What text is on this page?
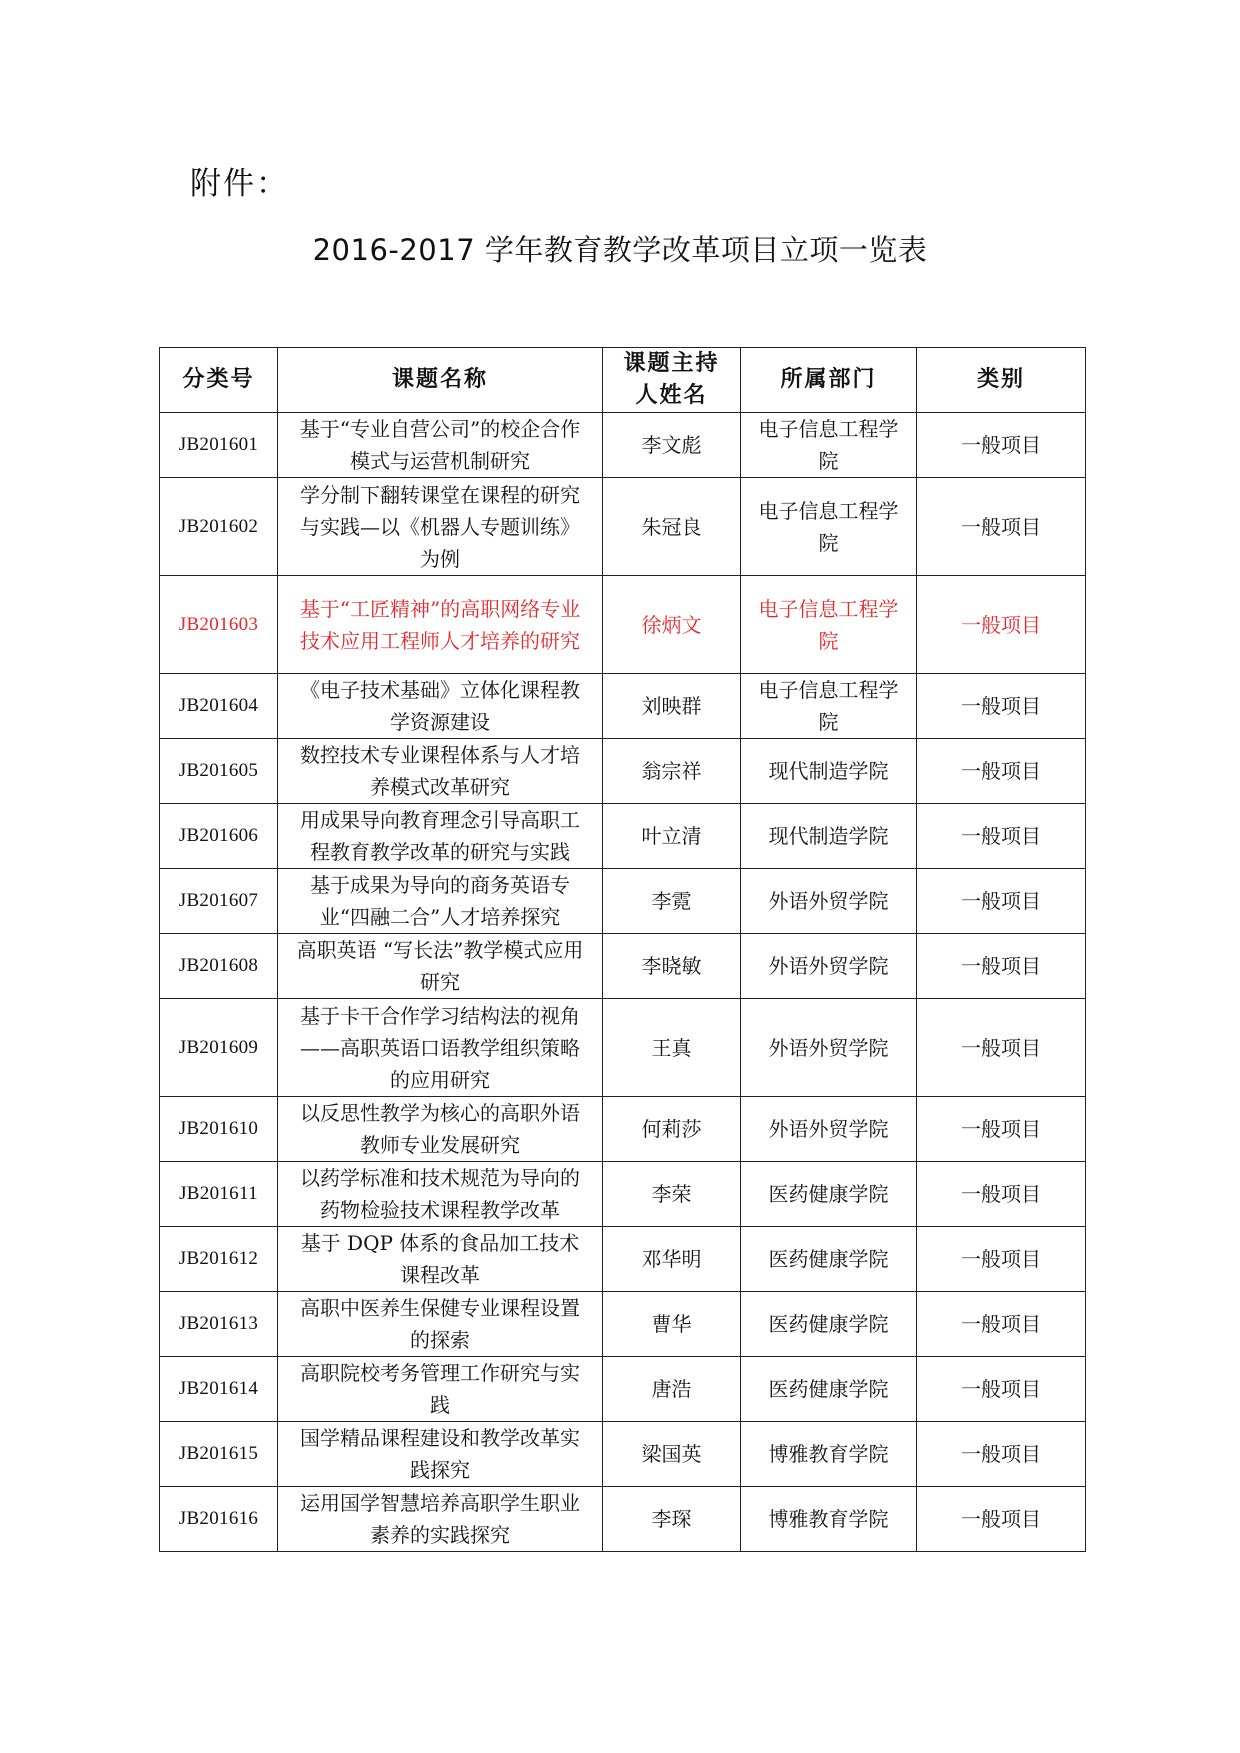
附件：
2016-2017 学年教育教学改革项目立项一览表
分类号	课题名称	课题主持人姓名	所属部门	类别
JB201601	基于“专业自营公司”的校企合作模式与运营机制研究	李文彪	电子信息工程学院	一般项目
JB201602	学分制下翻转课堂在课程的研究与实践—以《机器人专题训练》为例	朱冠良	电子信息工程学院	一般项目
JB201603	基于“工匠精神”的高职网络专业技术应用工程师人才培养的研究	徐炳文	电子信息工程学院	一般项目
JB201604	《电子技术基础》立体化课程教学资源建设	刘映群	电子信息工程学院	一般项目
JB201605	数控技术专业课程体系与人才培养模式改革研究	翁宗祥	现代制造学院	一般项目
JB201606	用成果导向教育理念引导高职工程教育教学改革的研究与实践	叶立清	现代制造学院	一般项目
JB201607	基于成果为导向的商务英语专业“四融二合”人才培养探究	李霓	外语外贸学院	一般项目
JB201608	高职英语 “写长法”教学模式应用研究	李晓敏	外语外贸学院	一般项目
JB201609	基于卡干合作学习结构法的视角——高职英语口语教学组织策略的应用研究	王真	外语外贸学院	一般项目
JB201610	以反思性教学为核心的高职外语教师专业发展研究	何莉莎	外语外贸学院	一般项目
JB201611	以药学标准和技术规范为导向的药物检验技术课程教学改革	李荣	医药健康学院	一般项目
JB201612	基于 DQP 体系的食品加工技术课程改革	邓华明	医药健康学院	一般项目
JB201613	高职中医养生保健专业课程设置的探索	曹华	医药健康学院	一般项目
JB201614	高职院校考务管理工作研究与实践	唐浩	医药健康学院	一般项目
JB201615	国学精品课程建设和教学改革实践探究	梁国英	博雅教育学院	一般项目
JB201616	运用国学智慧培养高职学生职业素养的实践探究	李琛	博雅教育学院	一般项目
